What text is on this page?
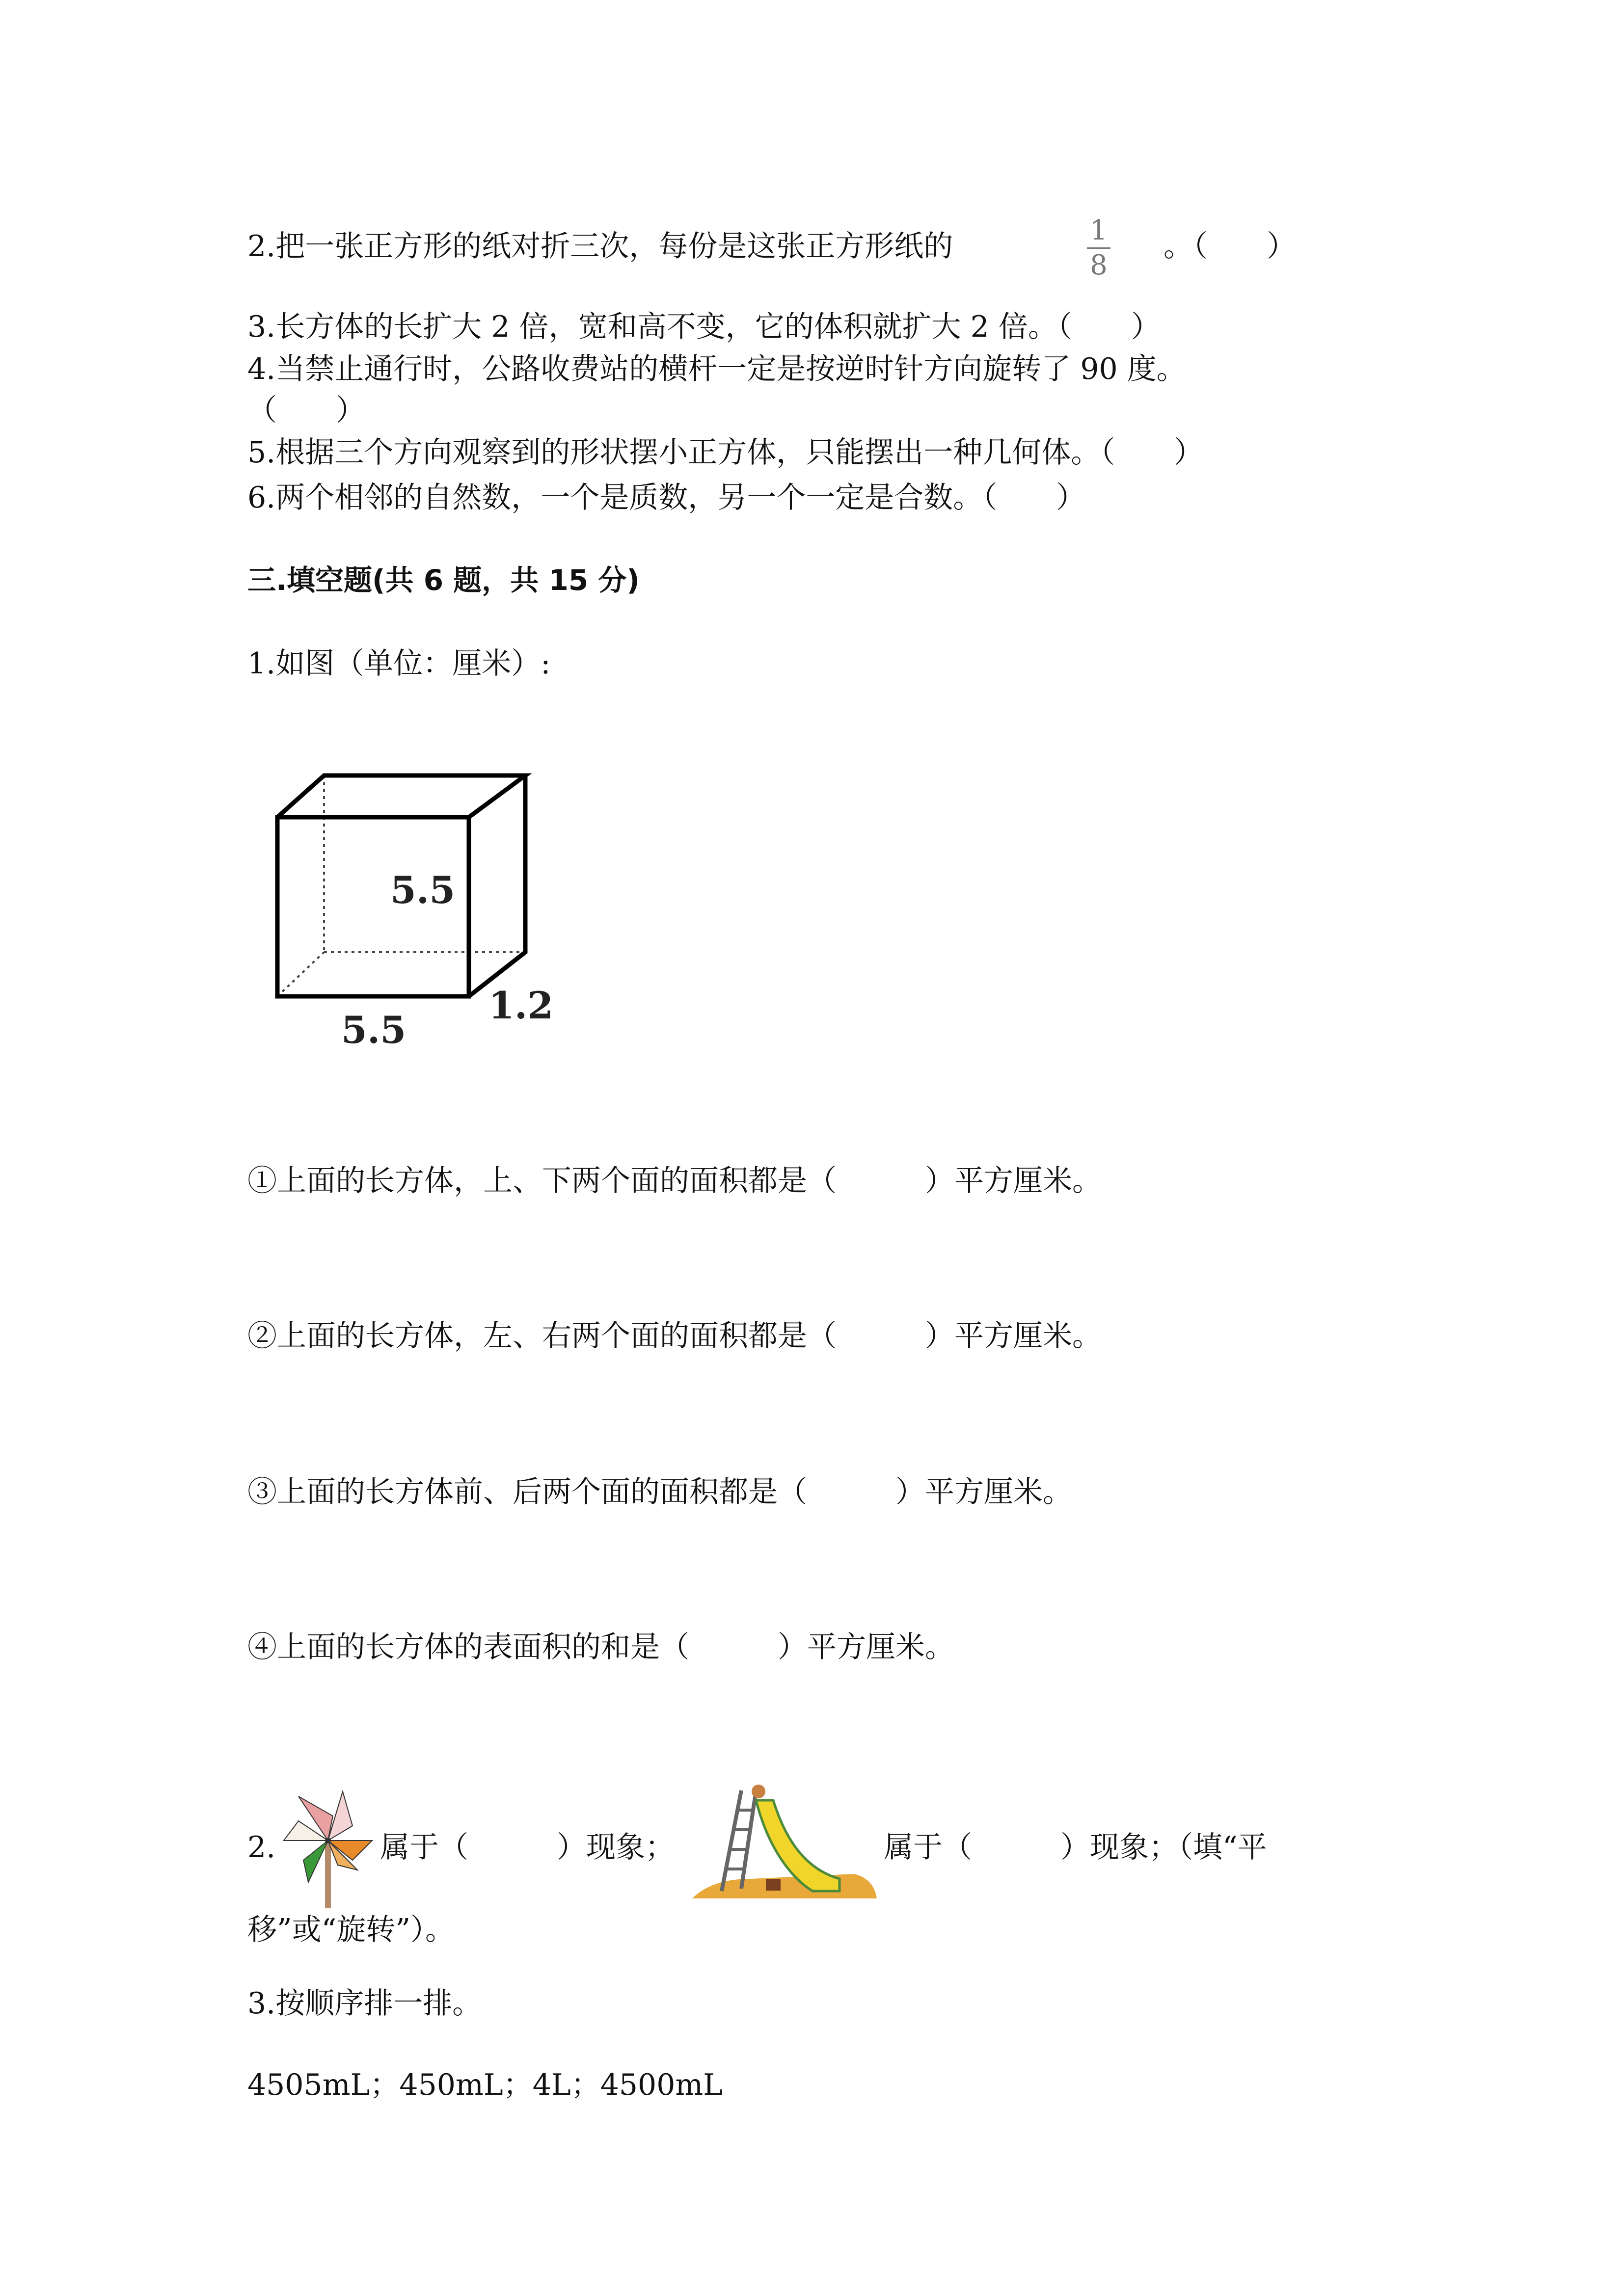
2.把一张正方形的纸对折三次，每份是这张正方形纸的	1
8
。（　　）
3.长方体的长扩大 2 倍，宽和高不变，它的体积就扩大 2 倍。（　　）
4.当禁止通行时，公路收费站的横杆一定是按逆时针方向旋转了 90 度。
（　　）
5.根据三个方向观察到的形状摆小正方体，只能摆出一种几何体。（　　）
6.两个相邻的自然数，一个是质数，另一个一定是合数。（　　）
三.填空题(共 6 题，共 15 分)
1.如图（单位：厘米）:
5.5
5.5
1.2
①上面的长方体，上、下两个面的面积都是（　　　）平方厘米。
②上面的长方体，左、右两个面的面积都是（　　　）平方厘米。
③上面的长方体前、后两个面的面积都是（　　　）平方厘米。
④上面的长方体的表面积的和是（　　　）平方厘米。
2.	属于（　　　）现象；	属于（　　　）现象；（填“平
移”或“旋转”）。
3.按顺序排一排。
4505mL；450mL；4L；4500mL
